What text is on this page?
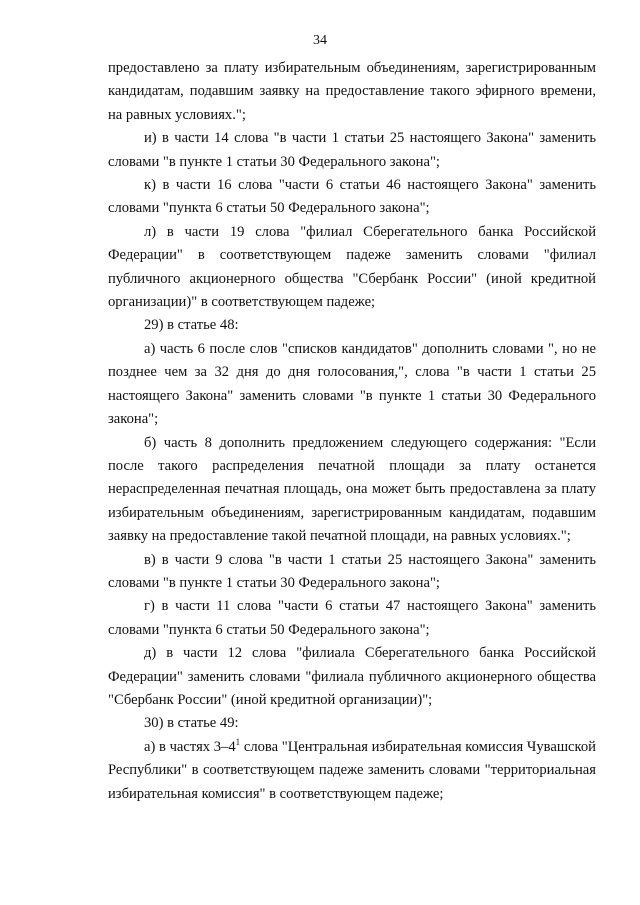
34

предоставлено за плату избирательным объединениям, зарегистрированным кандидатам, подавшим заявку на предоставление такого эфирного времени, на равных условиях.";

и) в части 14 слова "в части 1 статьи 25 настоящего Закона" заменить словами "в пункте 1 статьи 30 Федерального закона";

к) в части 16 слова "части 6 статьи 46 настоящего Закона" заменить словами "пункта 6 статьи 50 Федерального закона";

л) в части 19 слова "филиал Сберегательного банка Российской Федерации" в соответствующем падеже заменить словами "филиал публичного акционерного общества "Сбербанк России" (иной кредитной организации)" в соответствующем падеже;

29) в статье 48:

а) часть 6 после слов "списков кандидатов" дополнить словами ", но не позднее чем за 32 дня до дня голосования,", слова "в части 1 статьи 25 настоящего Закона" заменить словами "в пункте 1 статьи 30 Федерального закона";

б) часть 8 дополнить предложением следующего содержания: "Если после такого распределения печатной площади за плату останется нераспределенная печатная площадь, она может быть предоставлена за плату избирательным объединениям, зарегистрированным кандидатам, подавшим заявку на предоставление такой печатной площади, на равных условиях.";

в) в части 9 слова "в части 1 статьи 25 настоящего Закона" заменить словами "в пункте 1 статьи 30 Федерального закона";

г) в части 11 слова "части 6 статьи 47 настоящего Закона" заменить словами "пункта 6 статьи 50 Федерального закона";

д) в части 12 слова "филиала Сберегательного банка Российской Федерации" заменить словами "филиала публичного акционерного общества "Сбербанк России" (иной кредитной организации)";

30) в статье 49:

а) в частях $3-4^1$ слова "Центральная избирательная комиссия Чувашской Республики" в соответствующем падеже заменить словами "территориальная избирательная комиссия" в соответствующем падеже;
